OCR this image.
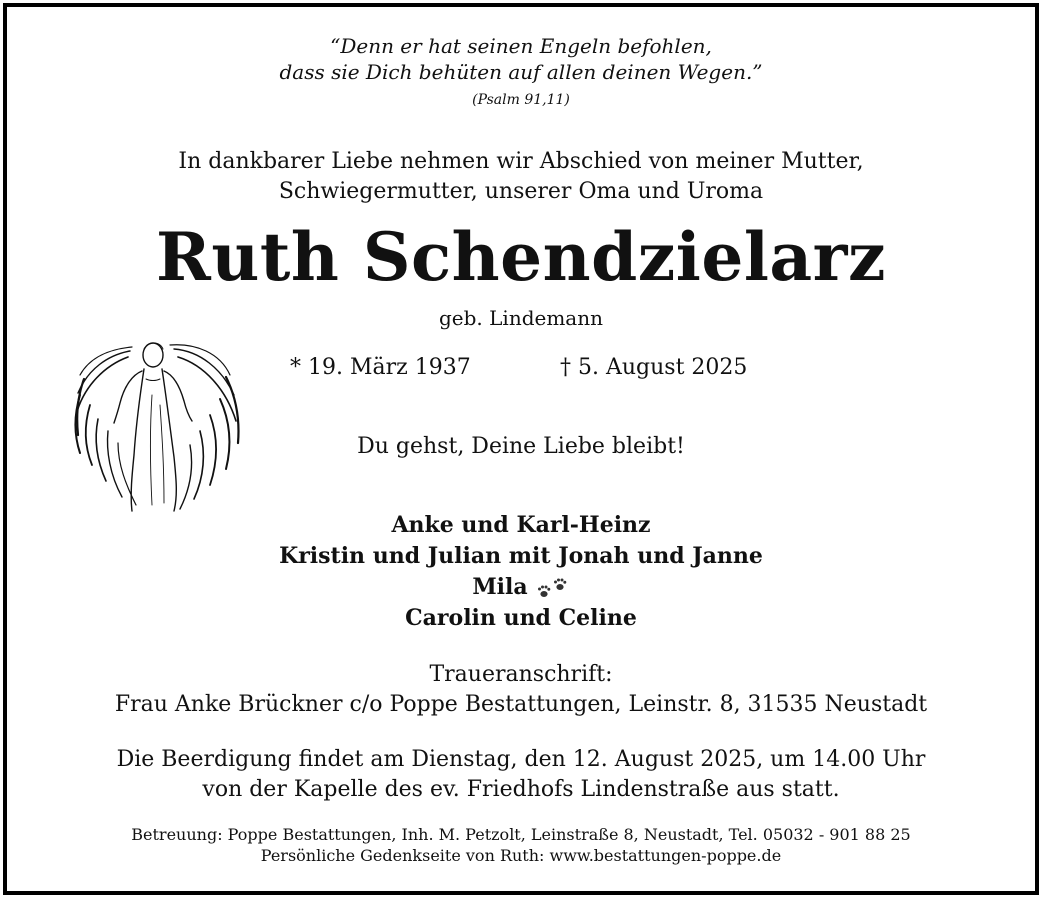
“Denn er hat seinen Engeln befohlen,
dass sie Dich behüten auf allen deinen Wegen.”
(Psalm 91,11)
In dankbarer Liebe nehmen wir Abschied von meiner Mutter,
Schwiegermutter, unserer Oma und Uroma
Ruth Schendzielarz
geb. Lindemann
* 19. März 1937	† 5. August 2025
Du gehst, Deine Liebe bleibt!
Anke und Karl-Heinz
Kristin und Julian mit Jonah und Janne
Mila
Carolin und Celine
Traueranschrift:
Frau Anke Brückner c/o Poppe Bestattungen, Leinstr. 8, 31535 Neustadt
Die Beerdigung findet am Dienstag, den 12. August 2025, um 14.00 Uhr
von der Kapelle des ev. Friedhofs Lindenstraße aus statt.
Betreuung: Poppe Bestattungen, Inh. M. Petzolt, Leinstraße 8, Neustadt, Tel. 05032 - 901 88 25
Persönliche Gedenkseite von Ruth: www.bestattungen-poppe.de
